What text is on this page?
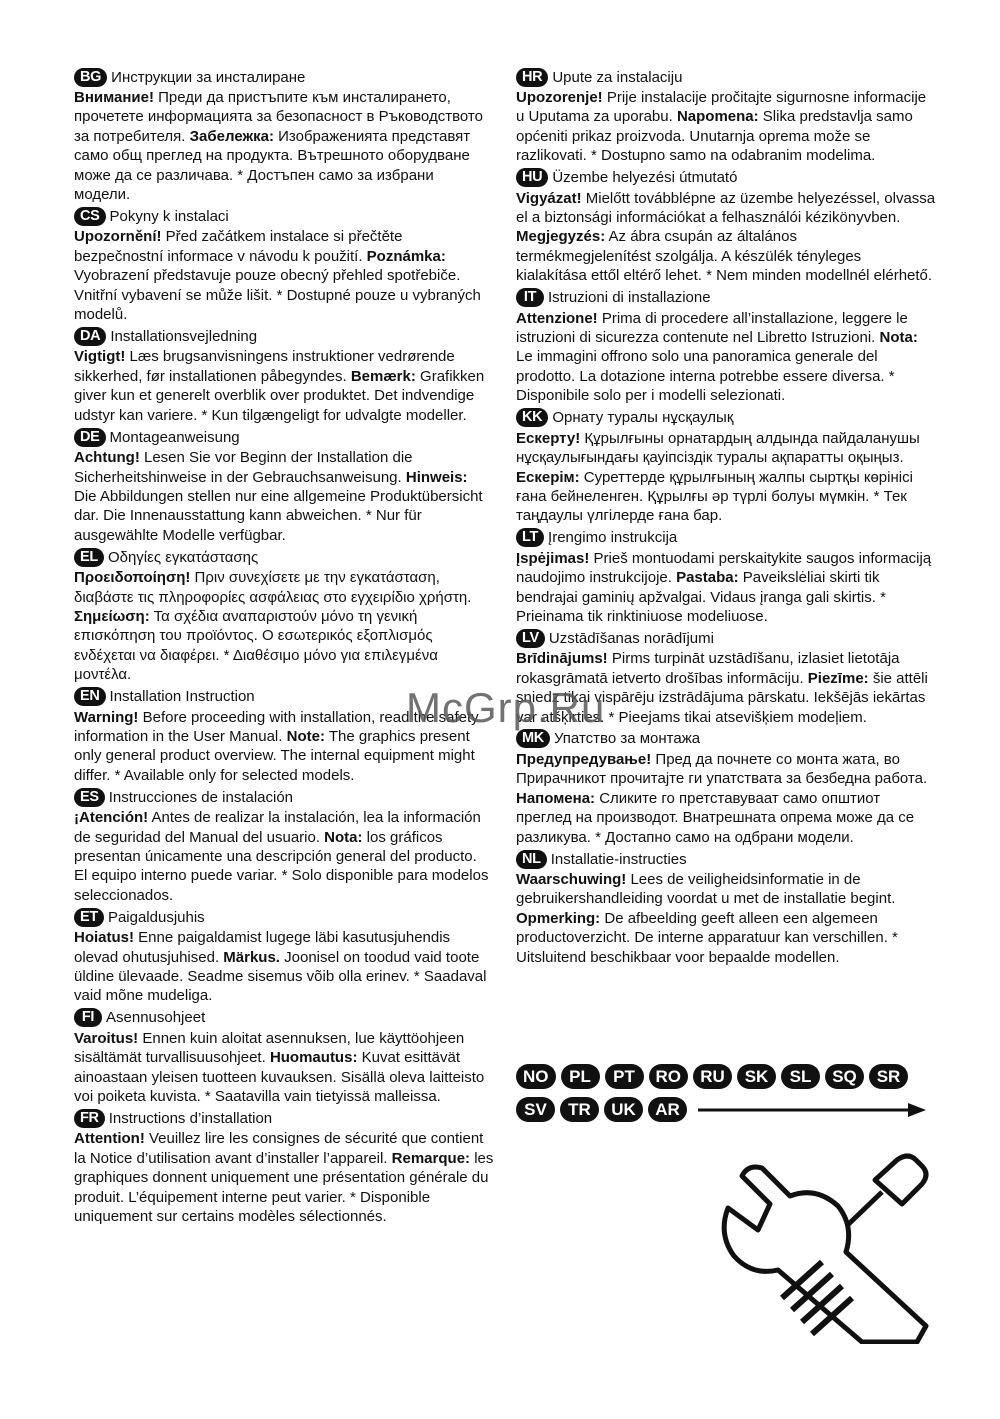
BG Инструкции за инсталиране

Внимание! Преди да пристъпите към инсталирането, прочетете информацията за безопасност в Ръководството за потребителя. Забележка: Изображенията представят само общ преглед на продукта. Вътрешното оборудване може да се различава. * Достъпен само за избрани модели.

CS Pokyny k instalaci

Upozornění! Před začátkem instalace si přečtěte bezpečnostní informace v návodu k použití. Poznámka: Vyobrazení představuje pouze obecný přehled spotřebiče. Vnitřní vybavení se může lišit. * Dostupné pouze u vybraných modelů.

DA Installationsvejledning

Vigtigt! Læs brugsanvisningens instruktioner vedrørende sikkerhed, før installationen påbegyndes. Bemærk: Grafikken giver kun et generelt overblik over produktet. Det indvendige udstyr kan variere. * Kun tilgængeligt for udvalgte modeller.

DE Montageanweisung

Achtung! Lesen Sie vor Beginn der Installation die Sicherheitshinweise in der Gebrauchsanweisung. Hinweis: Die Abbildungen stellen nur eine allgemeine Produktübersicht dar. Die Innenausstattung kann abweichen. * Nur für ausgewählte Modelle verfügbar.

EL Οδηγίες εγκατάστασης

Προειδοποίηση! Πριν συνεχίσετε με την εγκατάσταση, διαβάστε τις πληροφορίες ασφάλειας στο εγχειρίδιο χρήστη. Σημείωση: Τα σχέδια αναπαριστούν μόνο τη γενική επισκόπηση του προϊόντος. Ο εσωτερικός εξοπλισμός ενδέχεται να διαφέρει. * Διαθέσιμο μόνο για επιλεγμένα μοντέλα.

EN Installation Instruction

Warning! Before proceeding with installation, read the safety information in the User Manual. Note: The graphics present only general product overview. The internal equipment might differ. * Available only for selected models.

ES Instrucciones de instalación

¡Atención! Antes de realizar la instalación, lea la información de seguridad del Manual del usuario. Nota: los gráficos presentan únicamente una descripción general del producto. El equipo interno puede variar. * Solo disponible para modelos seleccionados.

ET Paigaldusjuhis

Hoiatus! Enne paigaldamist lugege läbi kasutusjuhendis olevad ohutusjuhised. Märkus. Joonisel on toodud vaid toote üldine ülevaade. Seadme sisemus võib olla erinev. * Saadaval vaid mõne mudeliga.

FI Asennusohjeet

Varoitus! Ennen kuin aloitat asennuksen, lue käyttöohjeen sisältämät turvallisuusohjeet. Huomautus: Kuvat esittävät ainoastaan yleisen tuotteen kuvauksen. Sisällä oleva laitteisto voi poiketa kuvista. * Saatavilla vain tietyissä malleissa.

FR Instructions d’installation

Attention! Veuillez lire les consignes de sécurité que contient la Notice d’utilisation avant d’installer l’appareil. Remarque: les graphiques donnent uniquement une présentation générale du produit. L’équipement interne peut varier. * Disponible uniquement sur certains modèles sélectionnés.

HR Upute za instalaciju

Upozorenje! Prije instalacije pročitajte sigurnosne informacije u Uputama za uporabu. Napomena: Slika predstavlja samo općeniti prikaz proizvoda. Unutarnja oprema može se razlikovati. * Dostupno samo na odabranim modelima.

HU Üzembe helyezési útmutató

Vigyázat! Mielőtt továbblépne az üzembe helyezéssel, olvassa el a biztonsági információkat a felhasználói kézikönyvben. Megjegyzés: Az ábra csupán az általános termékmegjelenítést szolgálja. A készülék tényleges kialakítása ettől eltérő lehet. * Nem minden modellnél elérhető.

IT Istruzioni di installazione

Attenzione! Prima di procedere all’installazione, leggere le istruzioni di sicurezza contenute nel Libretto Istruzioni. Nota: Le immagini offrono solo una panoramica generale del prodotto. La dotazione interna potrebbe essere diversa. * Disponibile solo per i modelli selezionati.

KK Орнату туралы нұсқаулық

Ескерту! Құрылғыны орнатардың алдында пайдаланушы нұсқаулығындағы қауіпсіздік туралы ақпаратты оқыңыз. Ескерім: Суреттерде құрылғының жалпы сыртқы көрінісі ғана бейнеленген. Құрылғы әр түрлі болуы мүмкін. * Тек таңдаулы үлгілерде ғана бар.

LT Įrengimo instrukcija

Įspėjimas! Prieš montuodami perskaitykite saugos informaciją naudojimo instrukcijoje. Pastaba: Paveikslėliai skirti tik bendrajai gaminių apžvalgai. Vidaus įranga gali skirtis. * Prieinama tik rinktiniuose modeliuose.

LV Uzstādīšanas norādījumi

Brīdinājums! Pirms turpināt uzstādīšanu, izlasiet lietotāja rokasgrāmatā ietverto drošības informāciju. Piezīme: šie attēli sniedz tikai vispārēju izstrādājuma pārskatu. Iekšējās iekārtas var atšķirties. * Pieejams tikai atsevišķiem modeļiem.

MK Упатство за монтажа

Предупредување! Пред да почнете со монта жата, во Прирачникот прочитајте ги упатствата за безбедна работа. Напомена: Сликите го претставуваат само општиот преглед на производот. Внатрешната опрема може да се разликува. * Достапно само на одбрани модели.

NL Installatie-instructies

Waarschuwing! Lees de veiligheidsinformatie in de gebruikershandleiding voordat u met de installatie begint. Opmerking: De afbeelding geeft alleen een algemeen productoverzicht. De interne apparatuur kan verschillen. * Uitsluitend beschikbaar voor bepaalde modellen.

McGrp.Ru
NO	PL	PT	RO	RU	SK	SL	SQ	SR
SV	TR	UK	AR
